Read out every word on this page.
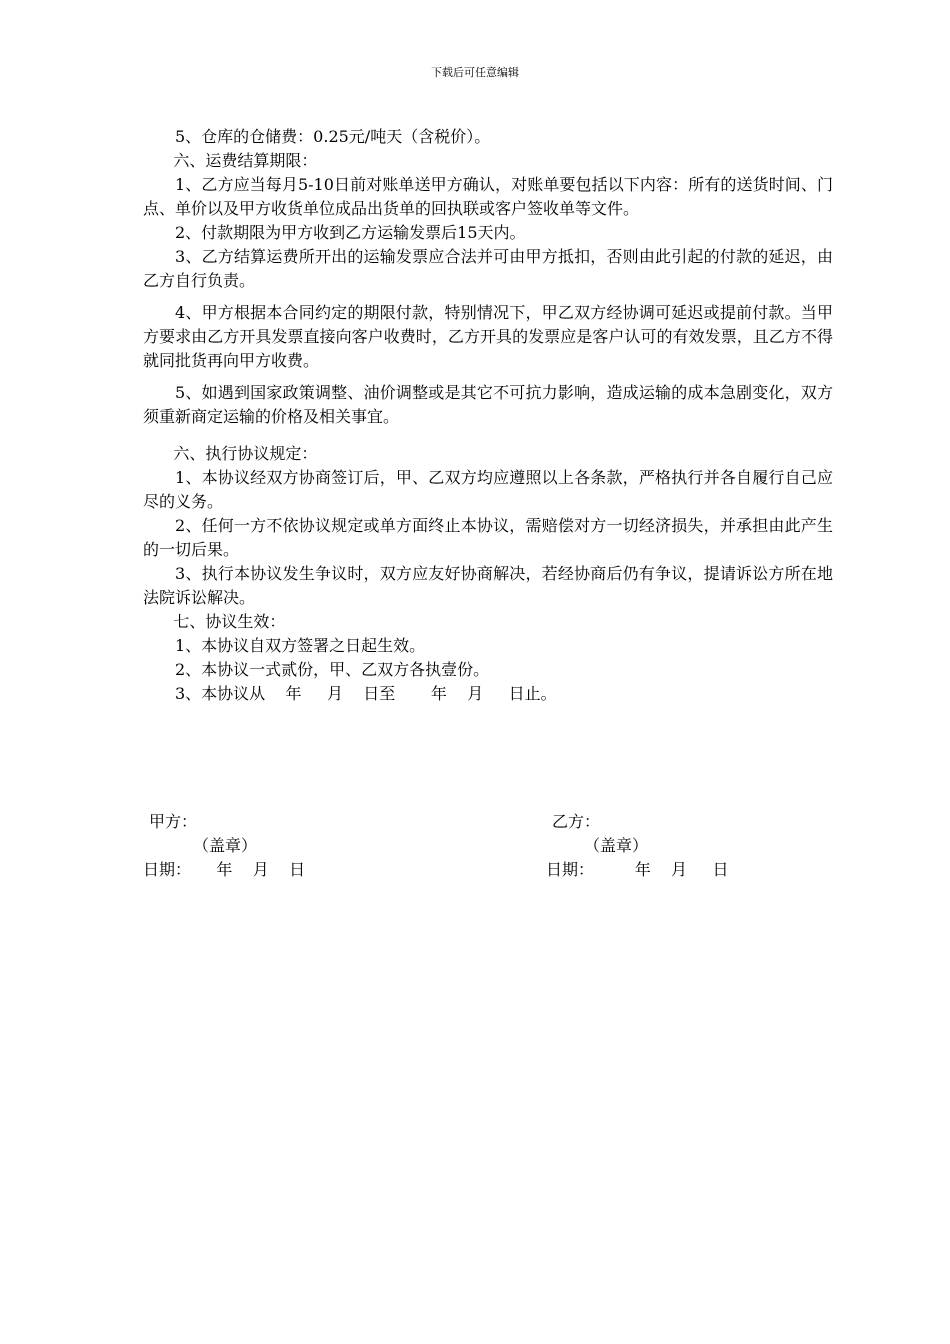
下载后可任意编辑

5、仓库的仓储费：0.25元/吨天（含税价）。

六、运费结算期限：

1、乙方应当每月5-10日前对账单送甲方确认，对账单要包括以下内容：所有的送货时间、门点、单价以及甲方收货单位成品出货单的回执联或客户签收单等文件。

2、付款期限为甲方收到乙方运输发票后15天内。

3、乙方结算运费所开出的运输发票应合法并可由甲方抵扣，否则由此引起的付款的延迟，由乙方自行负责。

4、甲方根据本合同约定的期限付款，特别情况下，甲乙双方经协调可延迟或提前付款。当甲方要求由乙方开具发票直接向客户收费时，乙方开具的发票应是客户认可的有效发票，且乙方不得就同批货再向甲方收费。

5、如遇到国家政策调整、油价调整或是其它不可抗力影响，造成运输的成本急剧变化，双方须重新商定运输的价格及相关事宜。

六、执行协议规定：

1、本协议经双方协商签订后，甲、乙双方均应遵照以上各条款，严格执行并各自履行自己应尽的义务。

2、任何一方不依协议规定或单方面终止本协议，需赔偿对方一切经济损失，并承担由此产生的一切后果。

3、执行本协议发生争议时，双方应友好协商解决，若经协商后仍有争议，提请诉讼方所在地法院诉讼解决。

七、协议生效：

1、本协议自双方签署之日起生效。

2、本协议一式贰份，甲、乙双方各执壹份。

3、本协议从    年     月    日至       年    月     日止。

甲方：
（盖章）
日期：     年    月    日
乙方：
（盖章）
日期：        年    月     日
